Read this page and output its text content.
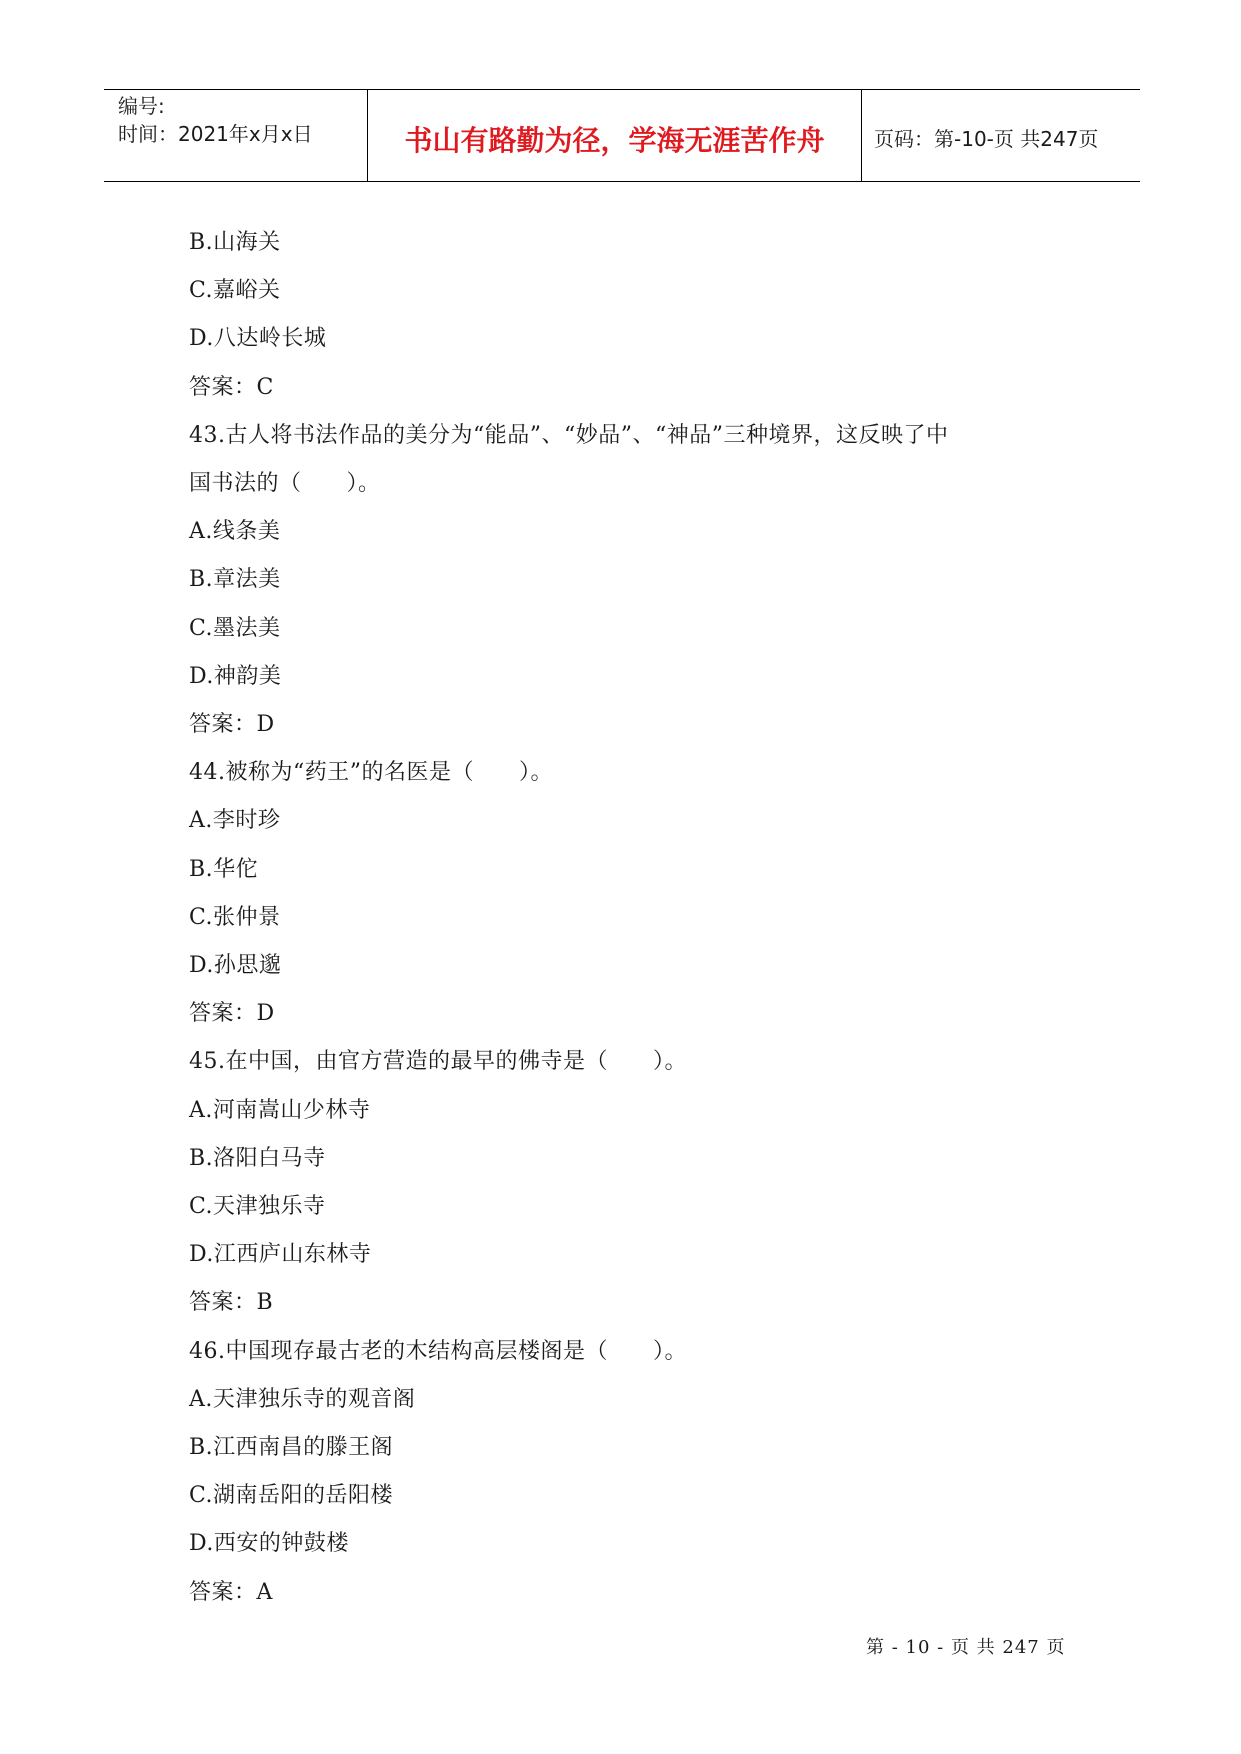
编号:
时间：2021年x月x日	书山有路勤为径，学海无涯苦作舟	页码：第-10-页 共247页
B.山海关
C.嘉峪关
D.八达岭长城
答案：C
43.古人将书法作品的美分为“能品”、“妙品”、“神品”三种境界，这反映了中
国书法的（　　）。
A.线条美
B.章法美
C.墨法美
D.神韵美
答案：D
44.被称为“药王”的名医是（　　）。
A.李时珍
B.华佗
C.张仲景
D.孙思邈
答案：D
45.在中国，由官方营造的最早的佛寺是（　　）。
A.河南嵩山少林寺
B.洛阳白马寺
C.天津独乐寺
D.江西庐山东林寺
答案：B
46.中国现存最古老的木结构高层楼阁是（　　）。
A.天津独乐寺的观音阁
B.江西南昌的滕王阁
C.湖南岳阳的岳阳楼
D.西安的钟鼓楼
答案：A
第 - 10 - 页 共 247 页
